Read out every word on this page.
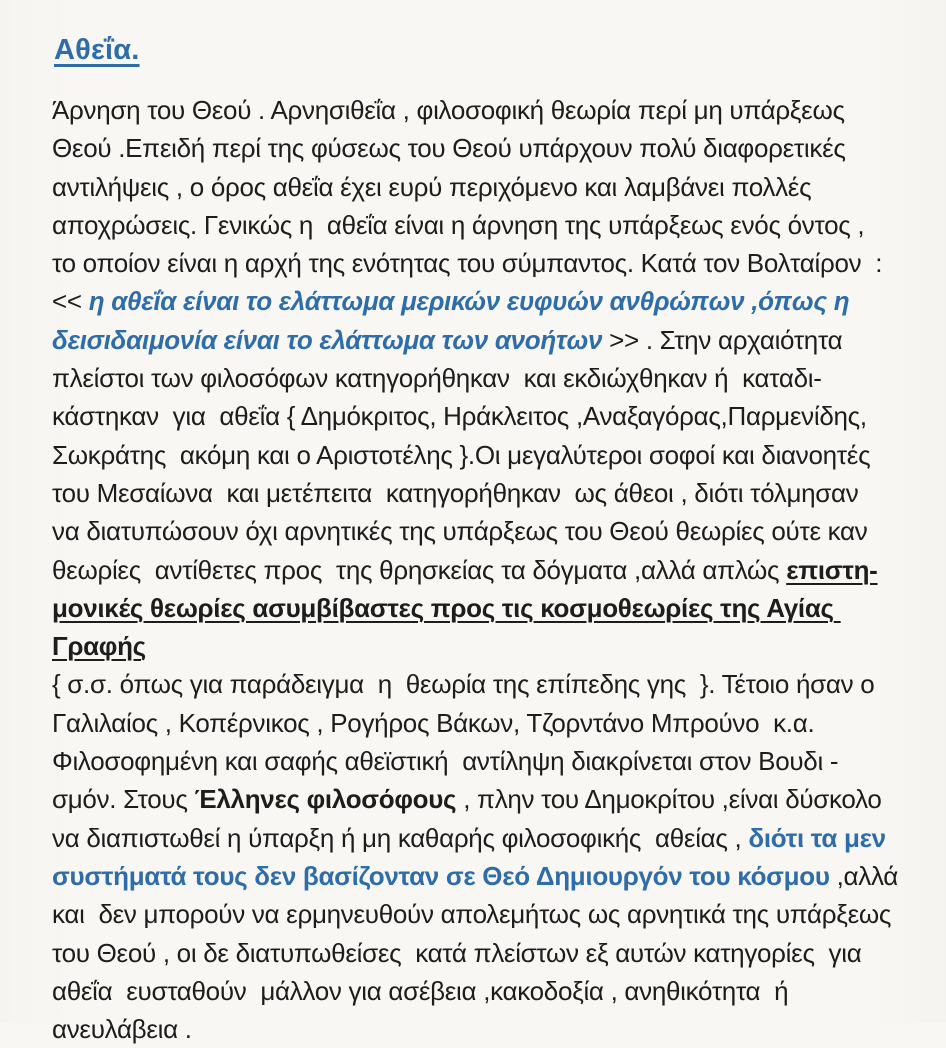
Αθεΐα.
Άρνηση του Θεού . Αρνησιθεΐα , φιλοσοφική θεωρία περί μη υπάρξεως
Θεού .Επειδή περί της φύσεως του Θεού υπάρχουν πολύ διαφορετικές
αντιλήψεις , ο όρος αθεΐα έχει ευρύ περιχόμενο και λαμβάνει πολλές
αποχρώσεις. Γενικώς η  αθεΐα είναι η άρνηση της υπάρξεως ενός όντος ,
το οποίον είναι η αρχή της ενότητας του σύμπαντος. Κατά τον Βολταίρον  :
<< η αθεΐα είναι το ελάττωμα μερικών ευφυών ανθρώπων ,όπως η
δεισιδαιμονία είναι το ελάττωμα των ανοήτων >> . Στην αρχαιότητα
πλείστοι των φιλοσόφων κατηγορήθηκαν  και εκδιώχθηκαν ή  καταδι-
κάστηκαν  για  αθεΐα { Δημόκριτος, Ηράκλειτος ,Αναξαγόρας,Παρμενίδης,
Σωκράτης  ακόμη και ο Αριστοτέλης }.Οι μεγαλύτεροι σοφοί και διανοητές
του Μεσαίωνα  και μετέπειτα  κατηγορήθηκαν  ως άθεοι , διότι τόλμησαν
να διατυπώσουν όχι αρνητικές της υπάρξεως του Θεού θεωρίες ούτε καν
θεωρίες  αντίθετες προς  της θρησκείας τα δόγματα ,αλλά απλώς επιστη-
μονικές θεωρίες ασυμβίβαστες προς τις κοσμοθεωρίες της Αγίας Γραφής
{ σ.σ. όπως για παράδειγμα  η  θεωρία της επίπεδης γης  }. Τέτοιο ήσαν ο
Γαλιλαίος , Κοπέρνικος , Ρογήρος Βάκων, Τζορντάνο Μπρούνο  κ.α.
Φιλοσοφημένη και σαφής αθεϊστική  αντίληψη διακρίνεται στον Βουδι -
σμόν. Στους Έλληνες φιλοσόφους , πλην του Δημοκρίτου ,είναι δύσκολο
να διαπιστωθεί η ύπαρξη ή μη καθαρής φιλοσοφικής  αθείας , διότι τα μεν
συστήματά τους δεν βασίζονταν σε Θεό Δημιουργόν του κόσμου ,αλλά
και  δεν μπορούν να ερμηνευθούν απολεμήτως ως αρνητικά της υπάρξεως
του Θεού , οι δε διατυπωθείσες  κατά πλείστων εξ αυτών κατηγορίες  για
αθεΐα  ευσταθούν  μάλλον για ασέβεια ,κακοδοξία , ανηθικότητα  ή
ανευλάβεια .
